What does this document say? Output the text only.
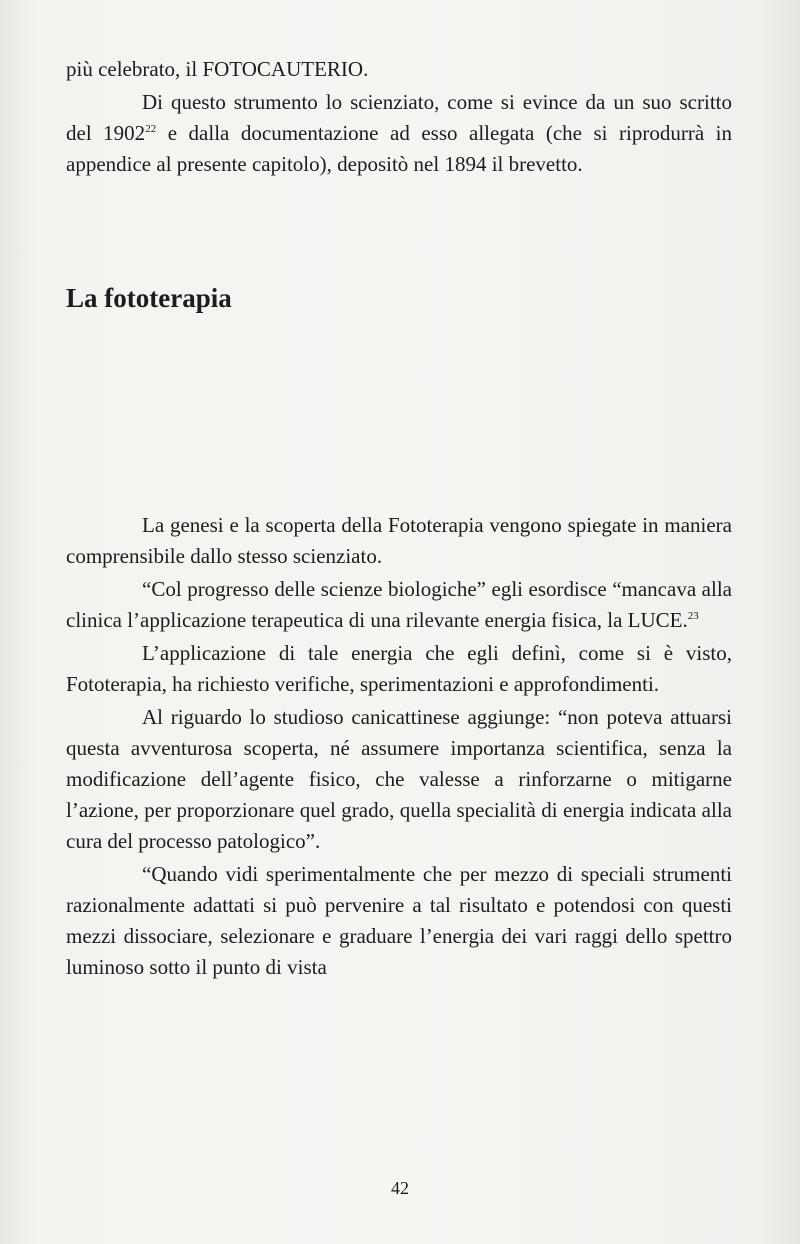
più celebrato, il FOTOCAUTERIO.

Di questo strumento lo scienziato, come si evince da un suo scritto del 1902$^{22}$ e dalla documentazione ad esso allegata (che si riprodurrà in appendice al presente capitolo), depositò nel 1894 il brevetto.

La fototerapia

La genesi e la scoperta della Fototerapia vengono spiegate in maniera comprensibile dallo stesso scienziato.

“Col progresso delle scienze biologiche” egli esordisce “mancava alla clinica l’applicazione terapeutica di una rilevante energia fisica, la LUCE.$^{23}$

L’applicazione di tale energia che egli definì, come si è visto, Fototerapia, ha richiesto verifiche, sperimentazioni e approfondimenti.

Al riguardo lo studioso canicattinese aggiunge: “non poteva attuarsi questa avventurosa scoperta, né assumere importanza scientifica, senza la modificazione dell’agente fisico, che valesse a rinforzarne o mitigarne l’azione, per proporzionare quel grado, quella specialità di energia indicata alla cura del processo patologico”.

“Quando vidi sperimentalmente che per mezzo di speciali strumenti razionalmente adattati si può pervenire a tal risultato e potendosi con questi mezzi dissociare, selezionare e graduare l’energia dei vari raggi dello spettro luminoso sotto il punto di vista

42
